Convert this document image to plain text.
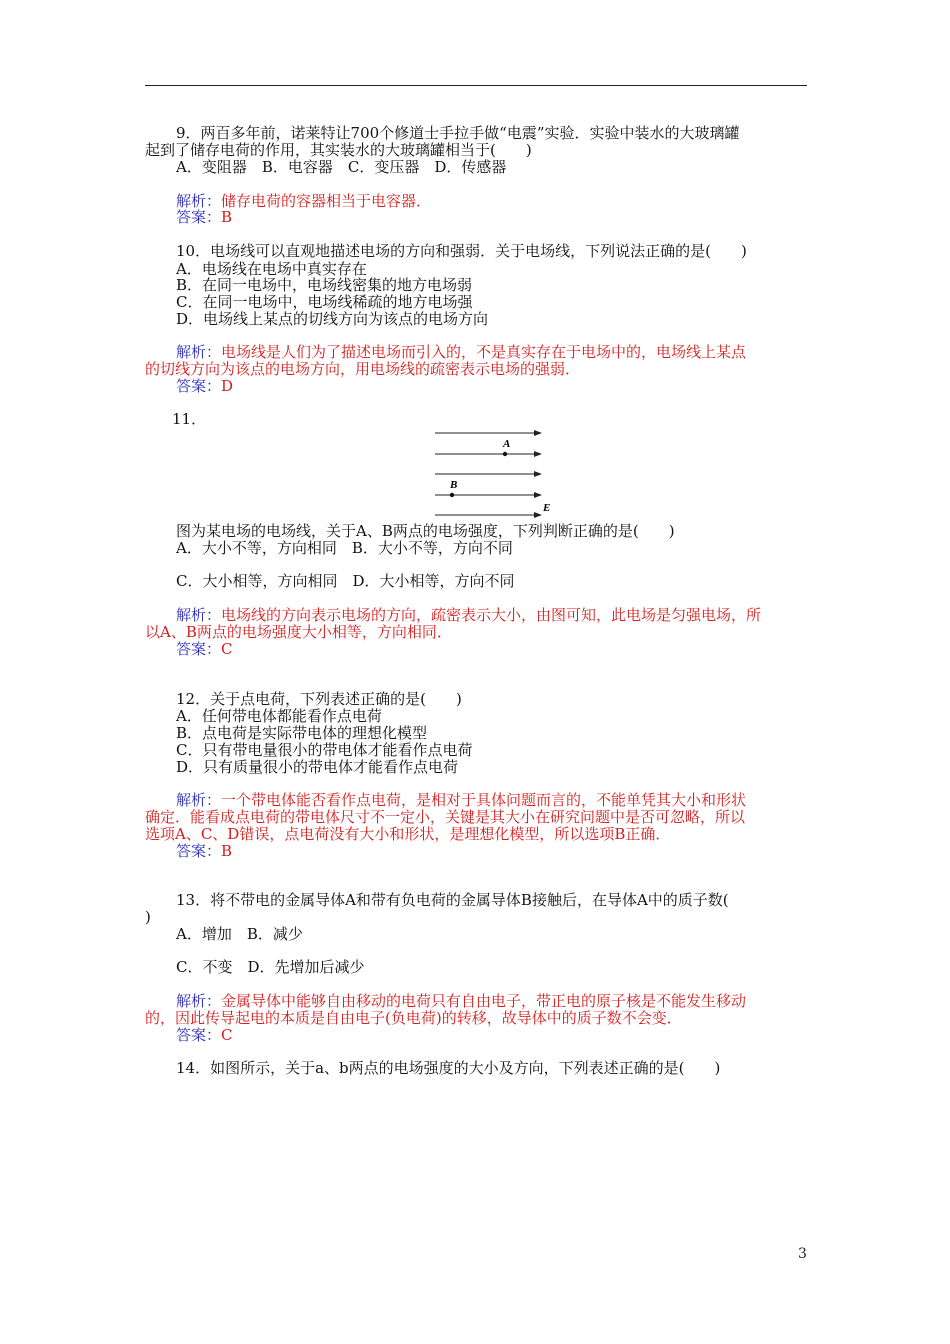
9．两百多年前，诺莱特让700个修道士手拉手做“电震”实验．实验中装水的大玻璃罐
起到了储存电荷的作用，其实装水的大玻璃罐相当于(　　)
A．变阻器　B．电容器　C．变压器　D．传感器
解析：储存电荷的容器相当于电容器．
答案：B
10．电场线可以直观地描述电场的方向和强弱．关于电场线，下列说法正确的是(　　)
A．电场线在电场中真实存在
B．在同一电场中，电场线密集的地方电场弱
C．在同一电场中，电场线稀疏的地方电场强
D．电场线上某点的切线方向为该点的电场方向
解析：电场线是人们为了描述电场而引入的，不是真实存在于电场中的，电场线上某点
的切线方向为该点的电场方向，用电场线的疏密表示电场的强弱．
答案：D
11．
A
B
E
图为某电场的电场线，关于A、B两点的电场强度，下列判断正确的是(　　)
A．大小不等，方向相同　B．大小不等，方向不同
C．大小相等，方向相同　D．大小相等，方向不同
解析：电场线的方向表示电场的方向，疏密表示大小，由图可知，此电场是匀强电场，所
以A、B两点的电场强度大小相等，方向相同．
答案：C
12．关于点电荷，下列表述正确的是(　　)
A．任何带电体都能看作点电荷
B．点电荷是实际带电体的理想化模型
C．只有带电量很小的带电体才能看作点电荷
D．只有质量很小的带电体才能看作点电荷
解析：一个带电体能否看作点电荷，是相对于具体问题而言的，不能单凭其大小和形状
确定．能看成点电荷的带电体尺寸不一定小，关键是其大小在研究问题中是否可忽略，所以
选项A、C、D错误，点电荷没有大小和形状，是理想化模型，所以选项B正确．
答案：B
13．将不带电的金属导体A和带有负电荷的金属导体B接触后，在导体A中的质子数(
)
A．增加　B．减少
C．不变　D．先增加后减少
解析：金属导体中能够自由移动的电荷只有自由电子，带正电的原子核是不能发生移动
的，因此传导起电的本质是自由电子(负电荷)的转移，故导体中的质子数不会变．
答案：C
14．如图所示，关于a、b两点的电场强度的大小及方向，下列表述正确的是(　　)
3
